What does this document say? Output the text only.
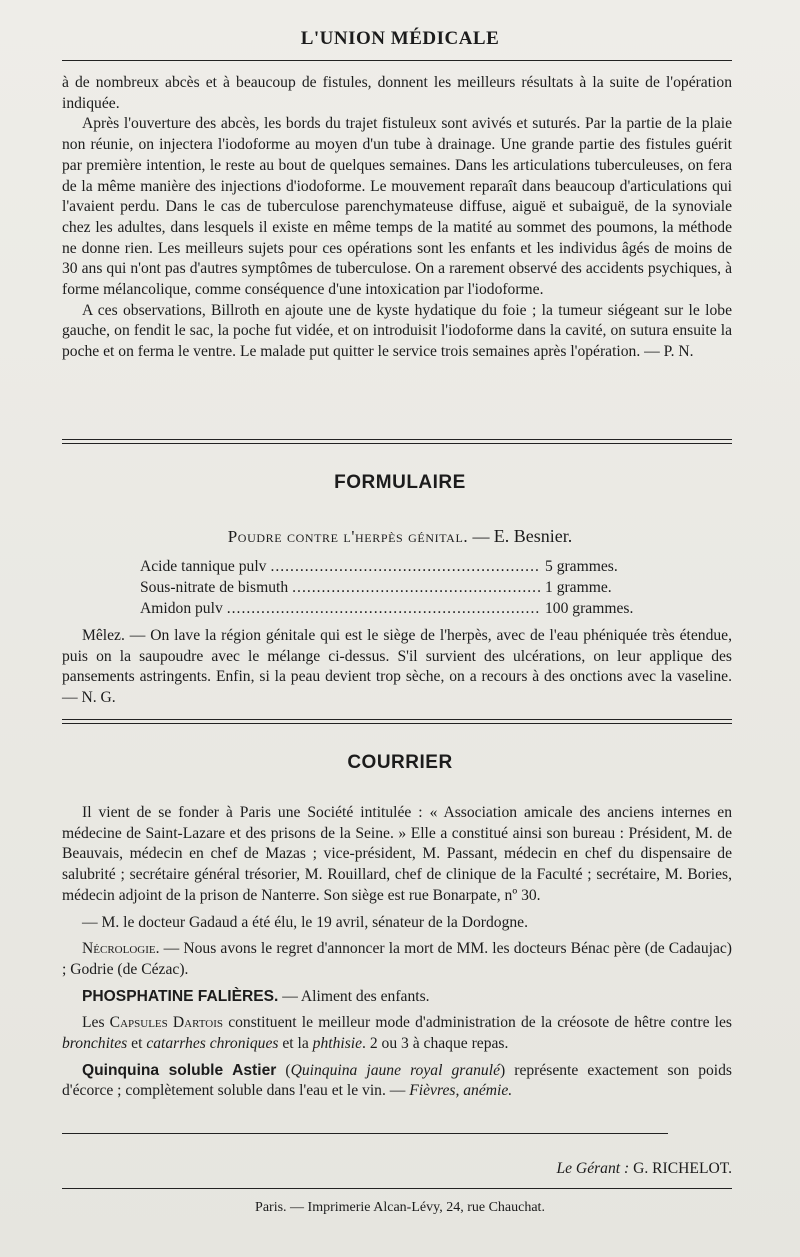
L'UNION MÉDICALE

à de nombreux abcès et à beaucoup de fistules, donnent les meilleurs résultats à la suite de l'opération indiquée.

Après l'ouverture des abcès, les bords du trajet fistuleux sont avivés et suturés. Par la partie de la plaie non réunie, on injectera l'iodoforme au moyen d'un tube à drainage. Une grande partie des fistules guérit par première intention, le reste au bout de quelques semaines. Dans les articulations tuberculeuses, on fera de la même manière des injections d'iodoforme. Le mouvement reparaît dans beaucoup d'articulations qui l'avaient perdu. Dans le cas de tuberculose parenchymateuse diffuse, aiguë et subaiguë, de la synoviale chez les adultes, dans lesquels il existe en même temps de la matité au sommet des poumons, la méthode ne donne rien. Les meilleurs sujets pour ces opérations sont les enfants et les individus âgés de moins de 30 ans qui n'ont pas d'autres symptômes de tuberculose. On a rarement observé des accidents psychiques, à forme mélancolique, comme conséquence d'une intoxication par l'iodoforme.

A ces observations, Billroth en ajoute une de kyste hydatique du foie ; la tumeur siégeant sur le lobe gauche, on fendit le sac, la poche fut vidée, et on introduisit l'iodoforme dans la cavité, on sutura ensuite la poche et on ferma le ventre. Le malade put quitter le service trois semaines après l'opération. — P. N.

FORMULAIRE
Poudre contre l'herpès génital. — E. Besnier.
Acide tannique pulv .....	5 grammes.
Sous-nitrate de bismuth .....	1 gramme.
Amidon pulv .....	100 grammes.

Mêlez. — On lave la région génitale qui est le siège de l'herpès, avec de l'eau phéniquée très étendue, puis on la saupoudre avec le mélange ci-dessus. S'il survient des ulcérations, on leur applique des pansements astringents. Enfin, si la peau devient trop sèche, on a recours à des onctions avec la vaseline. — N. G.

COURRIER

Il vient de se fonder à Paris une Société intitulée : « Association amicale des anciens internes en médecine de Saint-Lazare et des prisons de la Seine. » Elle a constitué ainsi son bureau : Président, M. de Beauvais, médecin en chef de Mazas ; vice-président, M. Passant, médecin en chef du dispensaire de salubrité ; secrétaire général trésorier, M. Rouillard, chef de clinique de la Faculté ; secrétaire, M. Bories, médecin adjoint de la prison de Nanterre. Son siège est rue Bonarpate, nº 30.

— M. le docteur Gadaud a été élu, le 19 avril, sénateur de la Dordogne.

Nécrologie. — Nous avons le regret d'annoncer la mort de MM. les docteurs Bénac père (de Cadaujac) ; Godrie (de Cézac).

PHOSPHATINE FALIÈRES. — Aliment des enfants.

Les Capsules Dartois constituent le meilleur mode d'administration de la créosote de hêtre contre les bronchites et catarrhes chroniques et la phthisie. 2 ou 3 à chaque repas.

Quinquina soluble Astier (Quinquina jaune royal granulé) représente exactement son poids d'écorce ; complètement soluble dans l'eau et le vin. — Fièvres, anémie.

Le Gérant : G. RICHELOT.
Paris. — Imprimerie Alcan-Lévy, 24, rue Chauchat.
